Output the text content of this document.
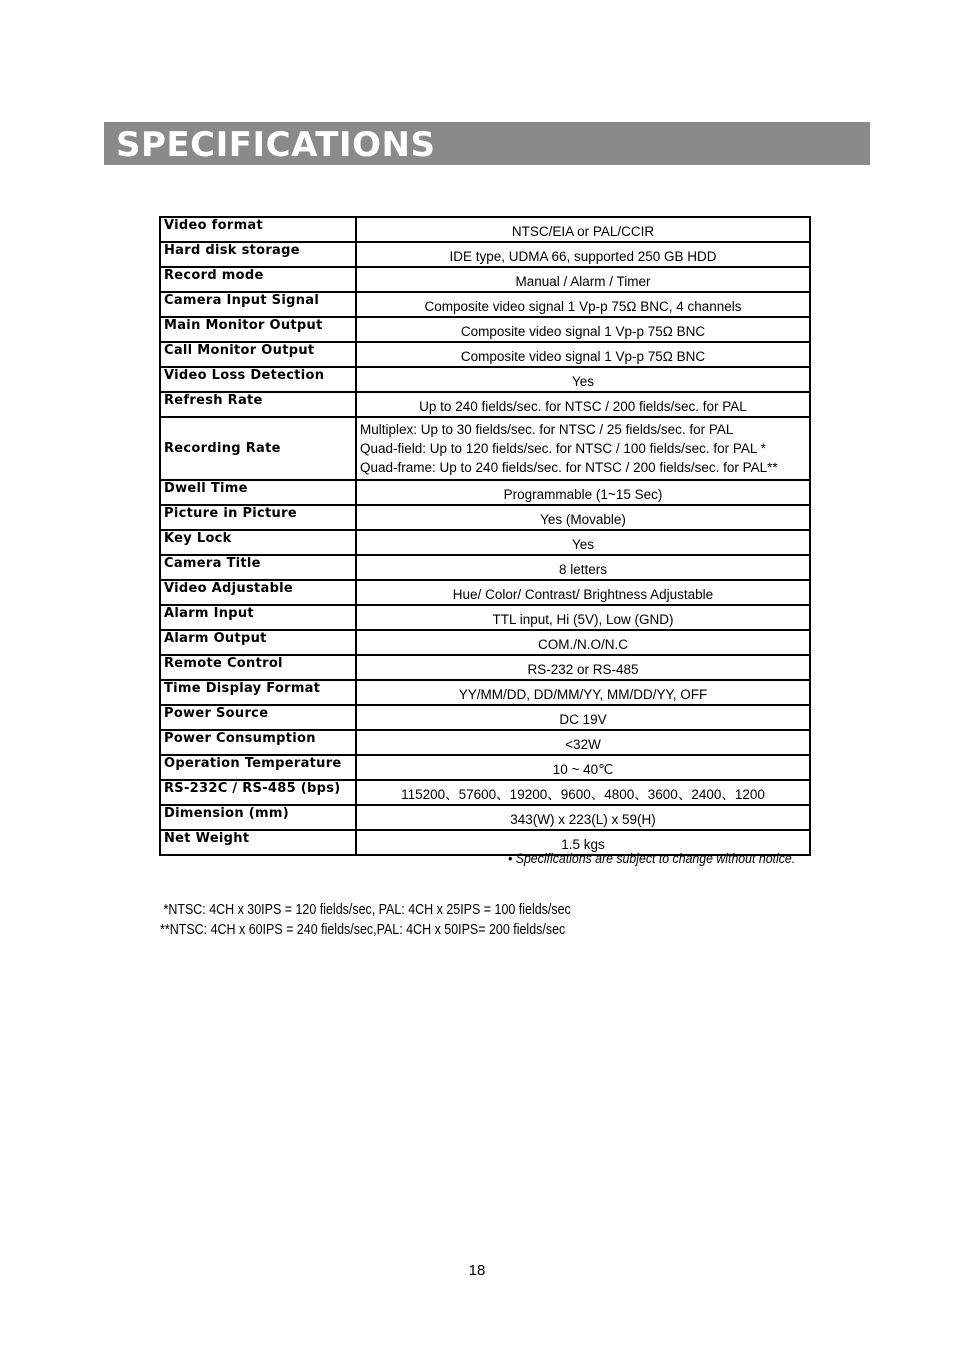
SPECIFICATIONS
Video format	NTSC/EIA or PAL/CCIR
Hard disk storage	IDE type, UDMA 66, supported 250 GB HDD
Record mode	Manual / Alarm / Timer
Camera Input Signal	Composite video signal 1 Vp-p 75Ω BNC, 4 channels
Main Monitor Output	Composite video signal 1 Vp-p 75Ω BNC
Call Monitor Output	Composite video signal 1 Vp-p 75Ω BNC
Video Loss Detection	Yes
Refresh Rate	Up to 240 fields/sec. for NTSC / 200 fields/sec. for PAL
Recording Rate	Multiplex: Up to 30 fields/sec. for NTSC / 25 fields/sec. for PAL
Quad-field: Up to 120 fields/sec. for NTSC / 100 fields/sec. for PAL *
Quad-frame: Up to 240 fields/sec. for NTSC / 200 fields/sec. for PAL**

Dwell Time	Programmable (1~15 Sec)
Picture in Picture	Yes (Movable)
Key Lock	Yes
Camera Title	8 letters
Video Adjustable	Hue/ Color/ Contrast/ Brightness Adjustable
Alarm Input	TTL input, Hi (5V), Low (GND)
Alarm Output	COM./N.O/N.C
Remote Control	RS-232 or RS-485
Time Display Format	YY/MM/DD, DD/MM/YY, MM/DD/YY, OFF
Power Source	DC 19V
Power Consumption	<32W
Operation Temperature	10 ~ 40℃
RS-232C / RS-485 (bps)	115200、57600、19200、9600、4800、3600、2400、1200
Dimension (mm)	343(W) x 223(L) x 59(H)
Net Weight	1.5 kgs
• Specifications are subject to change without notice.
*NTSC: 4CH x 30IPS = 120 fields/sec, PAL: 4CH x 25IPS = 100 fields/sec
**NTSC: 4CH x 60IPS = 240 fields/sec,PAL: 4CH x 50IPS= 200 fields/sec
18
